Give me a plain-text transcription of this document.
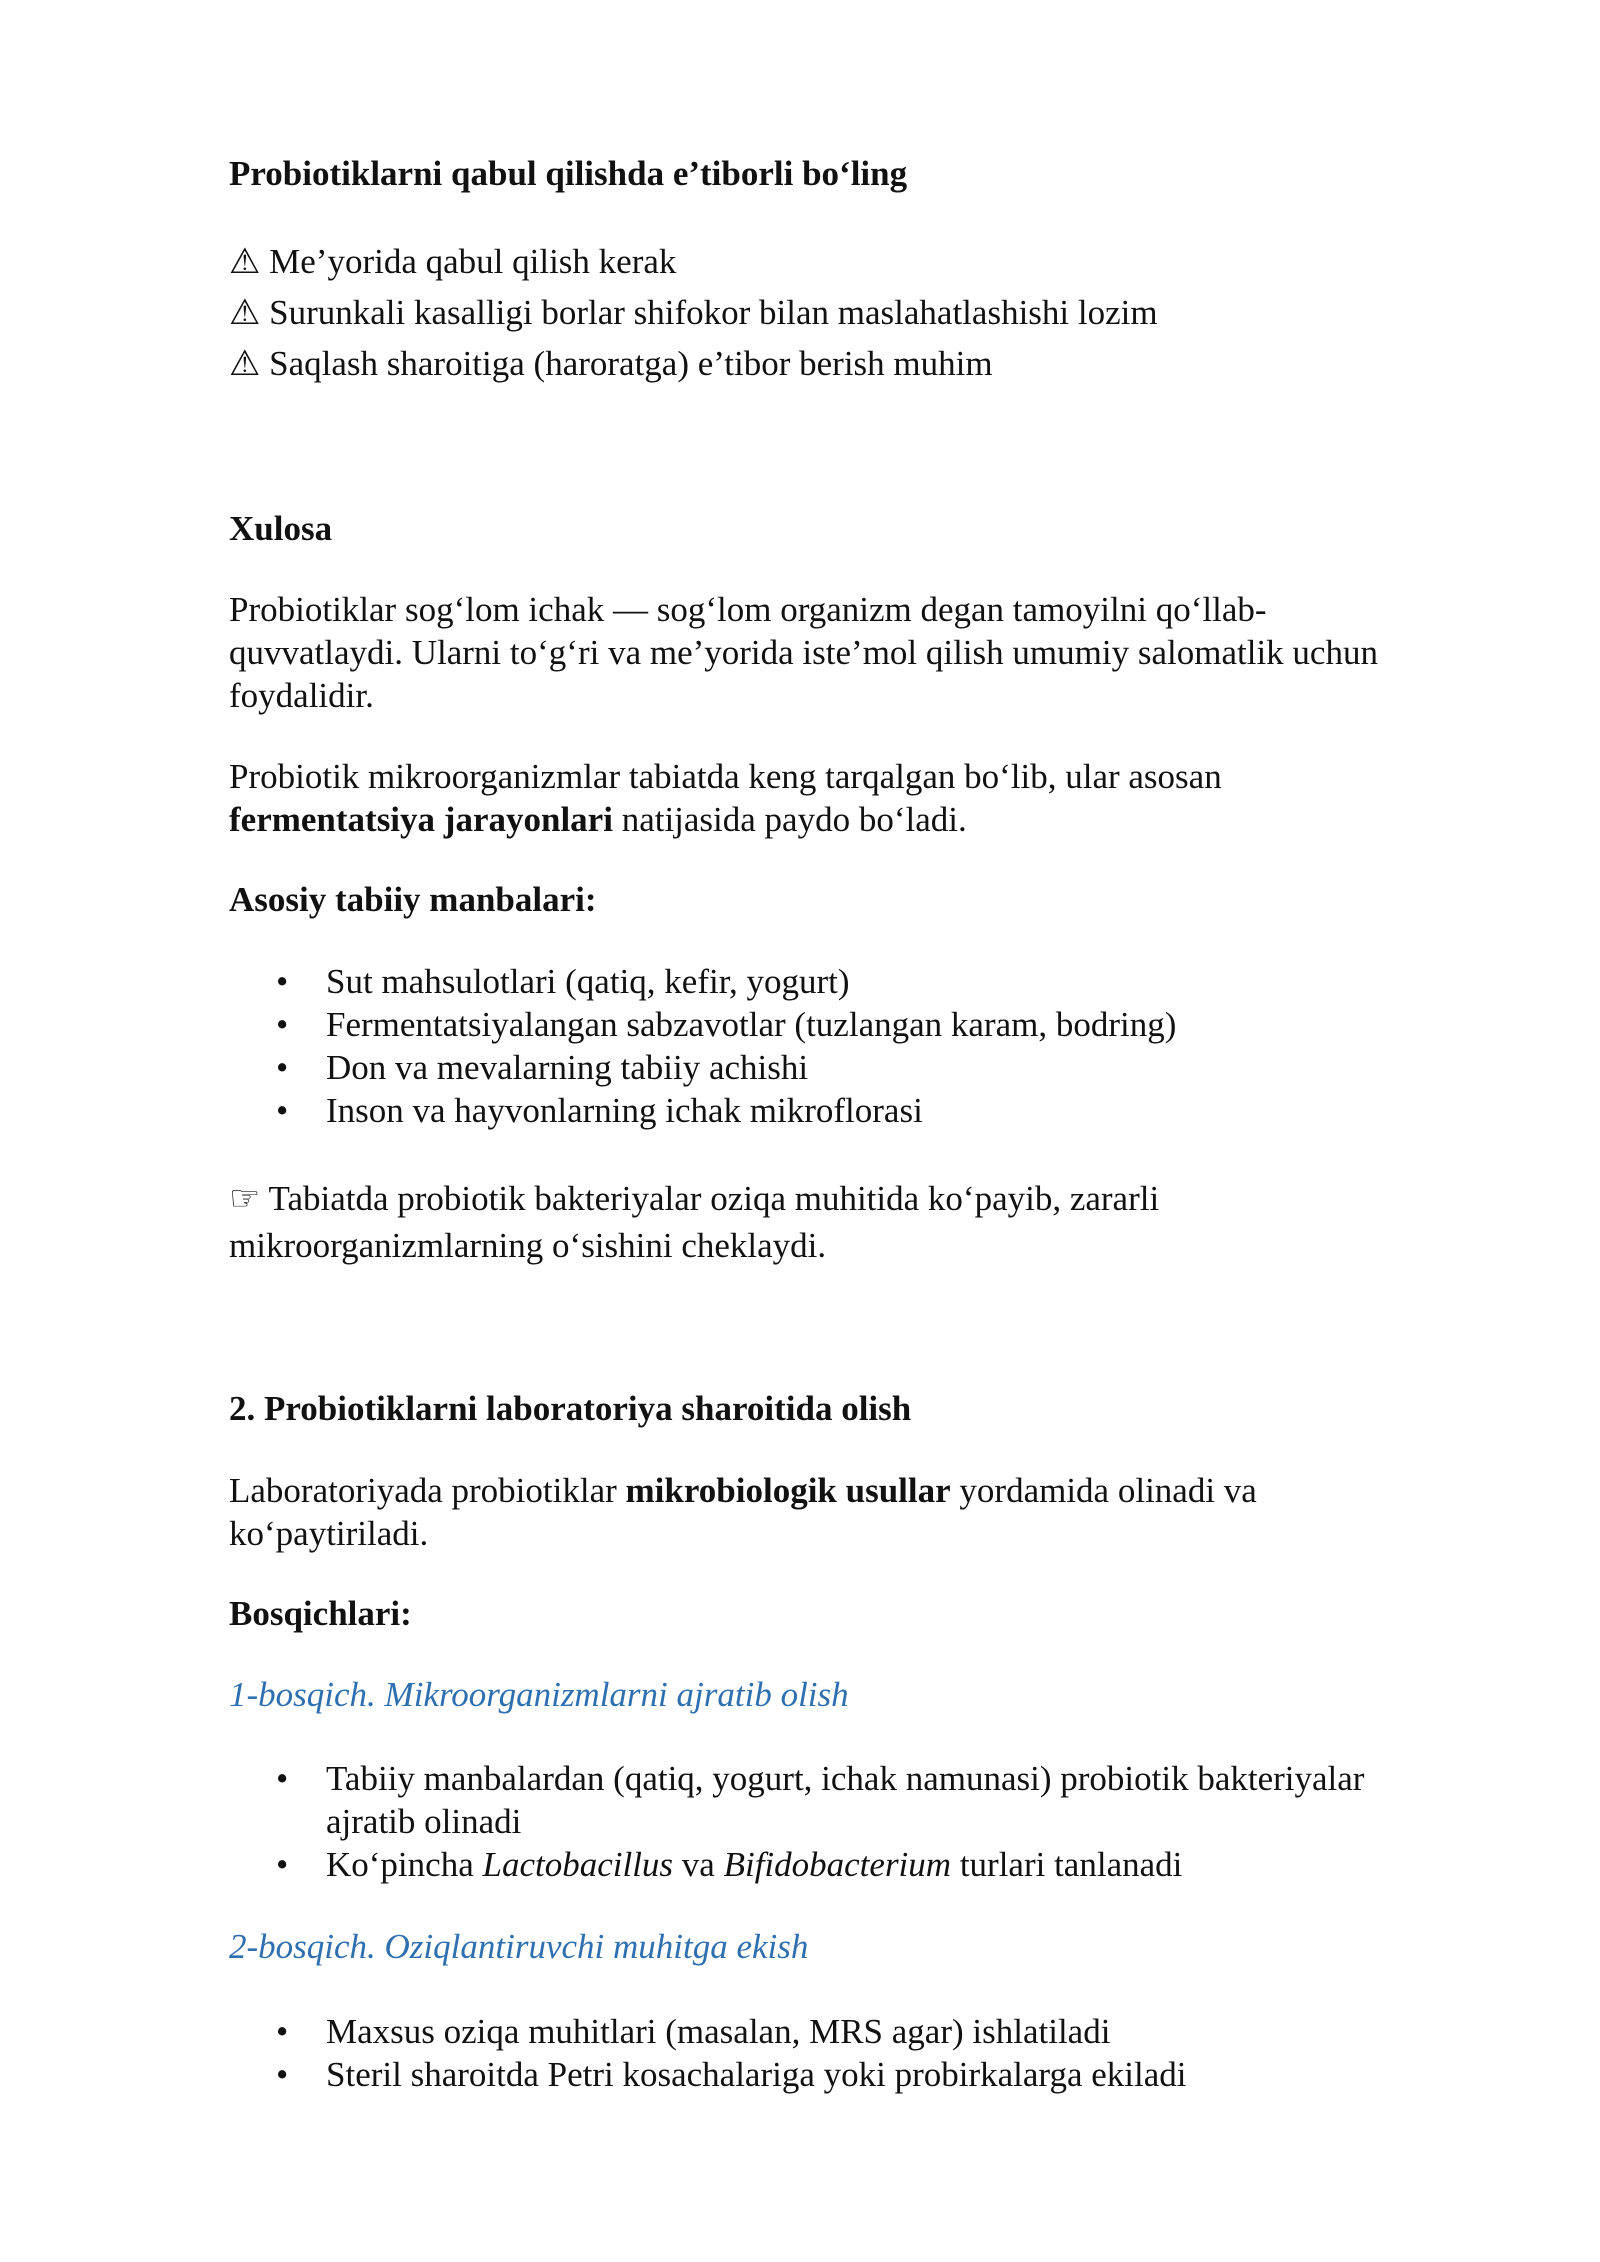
Probiotiklarni qabul qilishda e’tiborli bo‘ling
⚠ Me’yorida qabul qilish kerak
⚠ Surunkali kasalligi borlar shifokor bilan maslahatlashishi lozim
⚠ Saqlash sharoitiga (haroratga) e’tibor berish muhim
Xulosa
Probiotiklar sog‘lom ichak — sog‘lom organizm degan tamoyilni qo‘llab-
quvvatlaydi. Ularni to‘g‘ri va me’yorida iste’mol qilish umumiy salomatlik uchun
foydalidir.
Probiotik mikroorganizmlar tabiatda keng tarqalgan bo‘lib, ular asosan
fermentatsiya jarayonlari natijasida paydo bo‘ladi.
Asosiy tabiiy manbalari:
• Sut mahsulotlari (qatiq, kefir, yogurt)
• Fermentatsiyalangan sabzavotlar (tuzlangan karam, bodring)
• Don va mevalarning tabiiy achishi
• Inson va hayvonlarning ichak mikroflorasi
☞ Tabiatda probiotik bakteriyalar oziqa muhitida ko‘payib, zararli
mikroorganizmlarning o‘sishini cheklaydi.
2. Probiotiklarni laboratoriya sharoitida olish
Laboratoriyada probiotiklar mikrobiologik usullar yordamida olinadi va
ko‘paytiriladi.
Bosqichlari:
1-bosqich. Mikroorganizmlarni ajratib olish
• Tabiiy manbalardan (qatiq, yogurt, ichak namunasi) probiotik bakteriyalar
ajratib olinadi
• Ko‘pincha Lactobacillus va Bifidobacterium turlari tanlanadi
2-bosqich. Oziqlantiruvchi muhitga ekish
• Maxsus oziqa muhitlari (masalan, MRS agar) ishlatiladi
• Steril sharoitda Petri kosachalariga yoki probirkalarga ekiladi
